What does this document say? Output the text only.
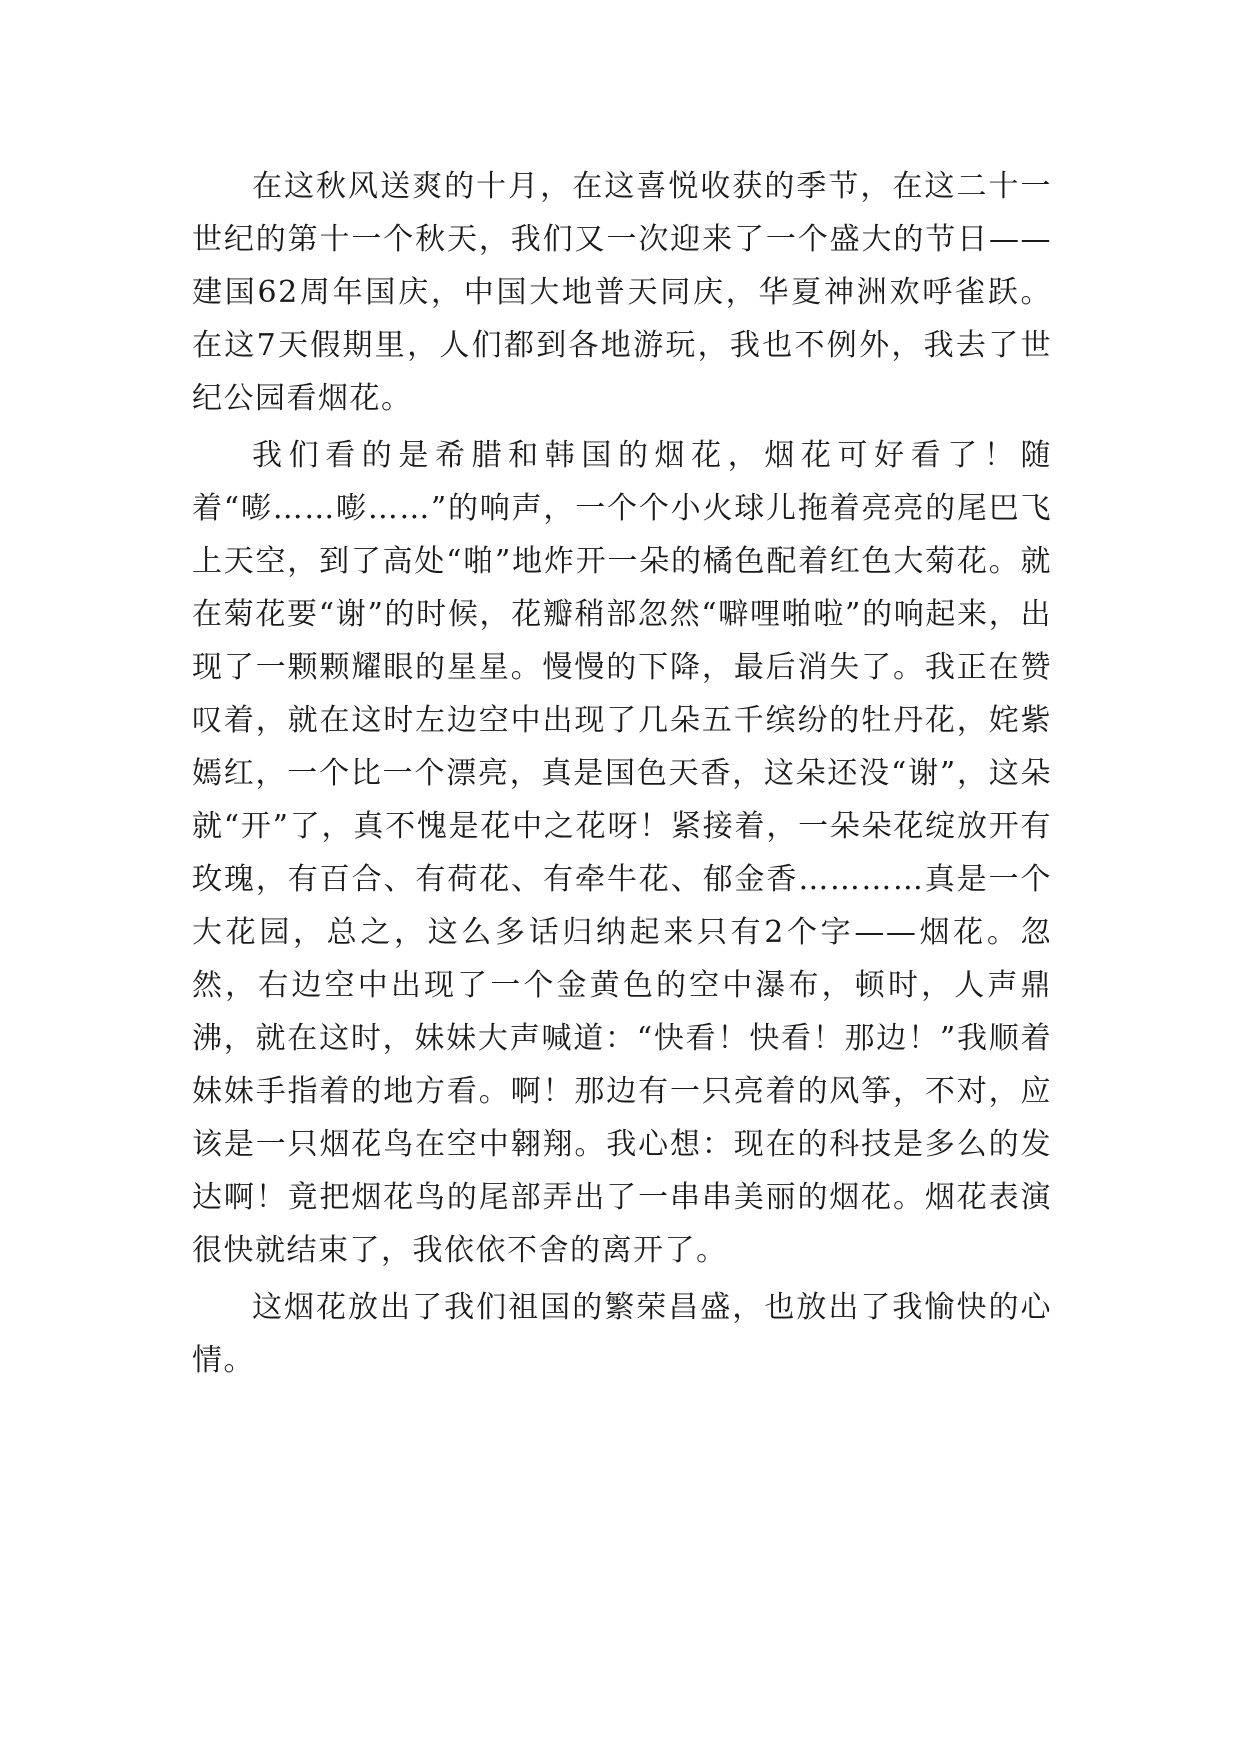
在这秋风送爽的十月，在这喜悦收获的季节，在这二十一世纪的第十一个秋天，我们又一次迎来了一个盛大的节日——建国62周年国庆，中国大地普天同庆，华夏神洲欢呼雀跃。在这7天假期里，人们都到各地游玩，我也不例外，我去了世纪公园看烟花。

我们看的是希腊和韩国的烟花，烟花可好看了！随着“嘭……嘭……”的响声，一个个小火球儿拖着亮亮的尾巴飞上天空，到了高处“啪”地炸开一朵的橘色配着红色大菊花。就在菊花要“谢”的时候，花瓣稍部忽然“噼哩啪啦”的响起来，出现了一颗颗耀眼的星星。慢慢的下降，最后消失了。我正在赞叹着，就在这时左边空中出现了几朵五千缤纷的牡丹花，姹紫嫣红，一个比一个漂亮，真是国色天香，这朵还没“谢”，这朵就“开”了，真不愧是花中之花呀！紧接着，一朵朵花绽放开有玫瑰，有百合、有荷花、有牵牛花、郁金香…………真是一个大花园，总之，这么多话归纳起来只有2个字——烟花。忽然，右边空中出现了一个金黄色的空中瀑布，顿时，人声鼎沸，就在这时，妹妹大声喊道：“快看！快看！那边！”我顺着妹妹手指着的地方看。啊！那边有一只亮着的风筝，不对，应该是一只烟花鸟在空中翱翔。我心想：现在的科技是多么的发达啊！竟把烟花鸟的尾部弄出了一串串美丽的烟花。烟花表演很快就结束了，我依依不舍的离开了。

这烟花放出了我们祖国的繁荣昌盛，也放出了我愉快的心情。
